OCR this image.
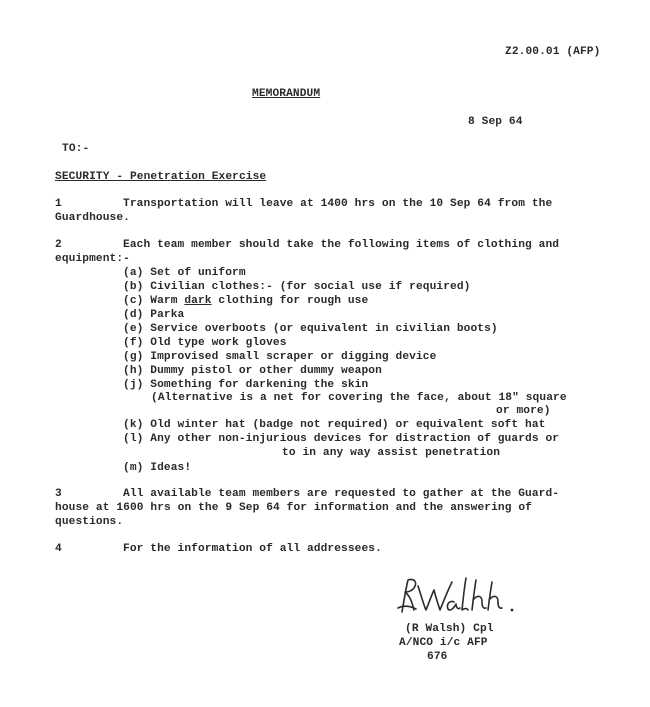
Z2.00.01 (AFP)
MEMORANDUM
8 Sep 64
TO:-
SECURITY - Penetration Exercise
1	Transportation will leave at 1400 hrs on the 10 Sep 64 from the
Guardhouse.
2	Each team member should take the following items of clothing and
equipment:-
(a) Set of uniform
(b) Civilian clothes:- (for social use if required)
(c) Warm dark clothing for rough use
(d) Parka
(e) Service overboots (or equivalent in civilian boots)
(f) Old type work gloves
(g) Improvised small scraper or digging device
(h) Dummy pistol or other dummy weapon
(j) Something for darkening the skin
(Alternative is a net for covering the face, about 18" square
or more)
(k) Old winter hat (badge not required) or equivalent soft hat
(l) Any other non-injurious devices for distraction of guards or
to in any way assist penetration
(m) Ideas!
3	All available team members are requested to gather at the Guard-
house at 1600 hrs on the 9 Sep 64 for information and the answering of
questions.
4	For the information of all addressees.
(R Walsh) Cpl
A/NCO i/c AFP
676
